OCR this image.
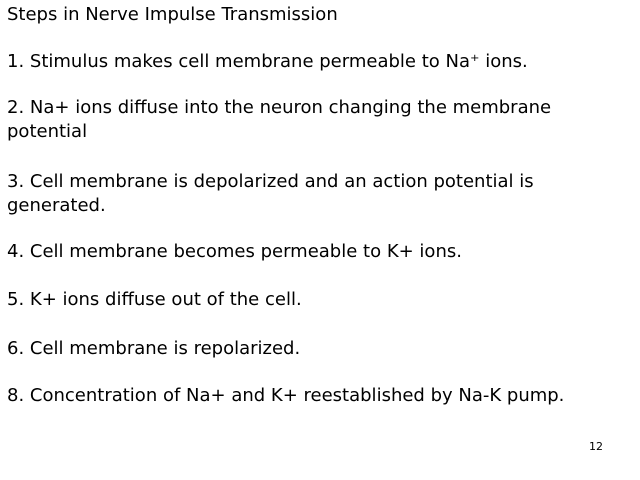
Steps in Nerve Impulse Transmission
1. Stimulus makes cell membrane permeable to Na⁺ ions.
2. Na+ ions diffuse into the neuron changing the membrane potential
3. Cell membrane is depolarized and an action potential is generated.
4. Cell membrane becomes permeable to K+ ions.
5. K+ ions diffuse out of the cell.
6. Cell membrane is repolarized.
8. Concentration of Na+ and K+ reestablished by Na-K pump.
12
